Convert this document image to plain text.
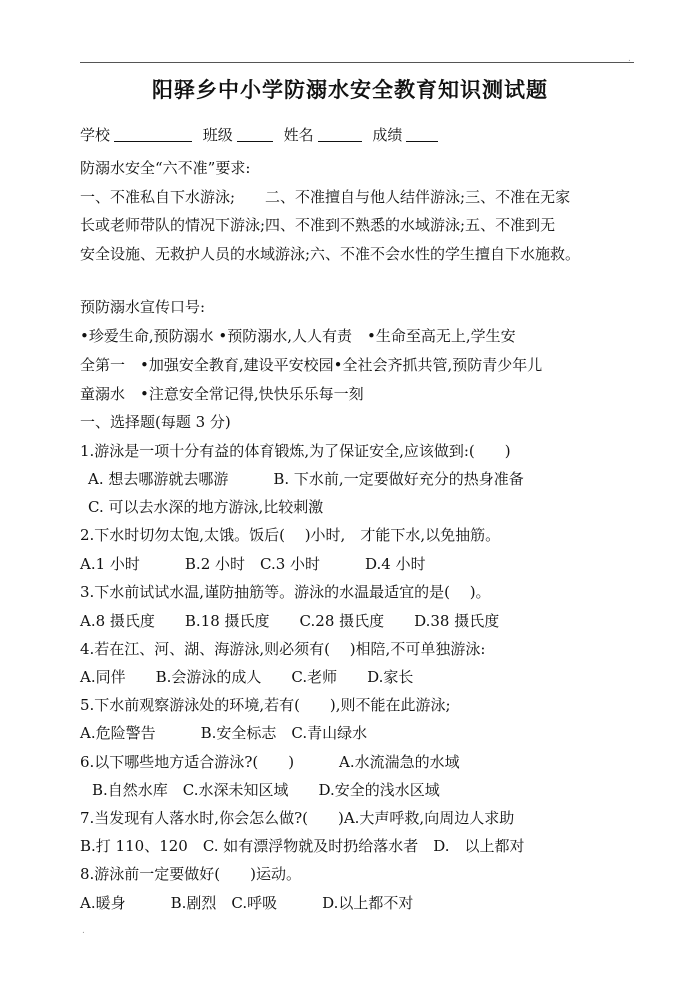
.
阳驿乡中小学防溺水安全教育知识测试题
学校	班级	姓名	成绩
防溺水安全“六不准”要求:
一、不准私自下水游泳;　　二、不准擅自与他人结伴游泳;三、不准在无家
长或老师带队的情况下游泳;四、不准到不熟悉的水域游泳;五、不准到无
安全设施、无救护人员的水域游泳;六、不准不会水性的学生擅自下水施救。
预防溺水宣传口号:
•珍爱生命,预防溺水 •预防溺水,人人有责　•生命至高无上,学生安
全第一　•加强安全教育,建设平安校园•全社会齐抓共管,预防青少年儿
童溺水　•注意安全常记得,快快乐乐每一刻
一、选择题(每题 3 分)
1.游泳是一项十分有益的体育锻炼,为了保证安全,应该做到:(　　)
A. 想去哪游就去哪游　　　B. 下水前,一定要做好充分的热身准备
C. 可以去水深的地方游泳,比较刺激
2.下水时切勿太饱,太饿。饭后(　 )小时,　才能下水,以免抽筋。
A.1 小时　　　B.2 小时　C.3 小时　　　D.4 小时
3.下水前试试水温,谨防抽筋等。游泳的水温最适宜的是(　 )。
A.8 摄氏度　　B.18 摄氏度　　C.28 摄氏度　　D.38 摄氏度
4.若在江、河、湖、海游泳,则必须有(　 )相陪,不可单独游泳:
A.同伴　　B.会游泳的成人　　C.老师　　D.家长
5.下水前观察游泳处的环境,若有(　　),则不能在此游泳;
A.危险警告　　　B.安全标志　C.青山绿水
6.以下哪些地方适合游泳?(　　)　　　A.水流湍急的水域
B.自然水库　C.水深未知区域　　D.安全的浅水区域
7.当发现有人落水时,你会怎么做?(　　)A.大声呼救,向周边人求助
B.打 110、120　C. 如有漂浮物就及时扔给落水者　D.　以上都对
8.游泳前一定要做好(　　)运动。
A.暖身　　　B.剧烈　C.呼吸　　　D.以上都不对
.
